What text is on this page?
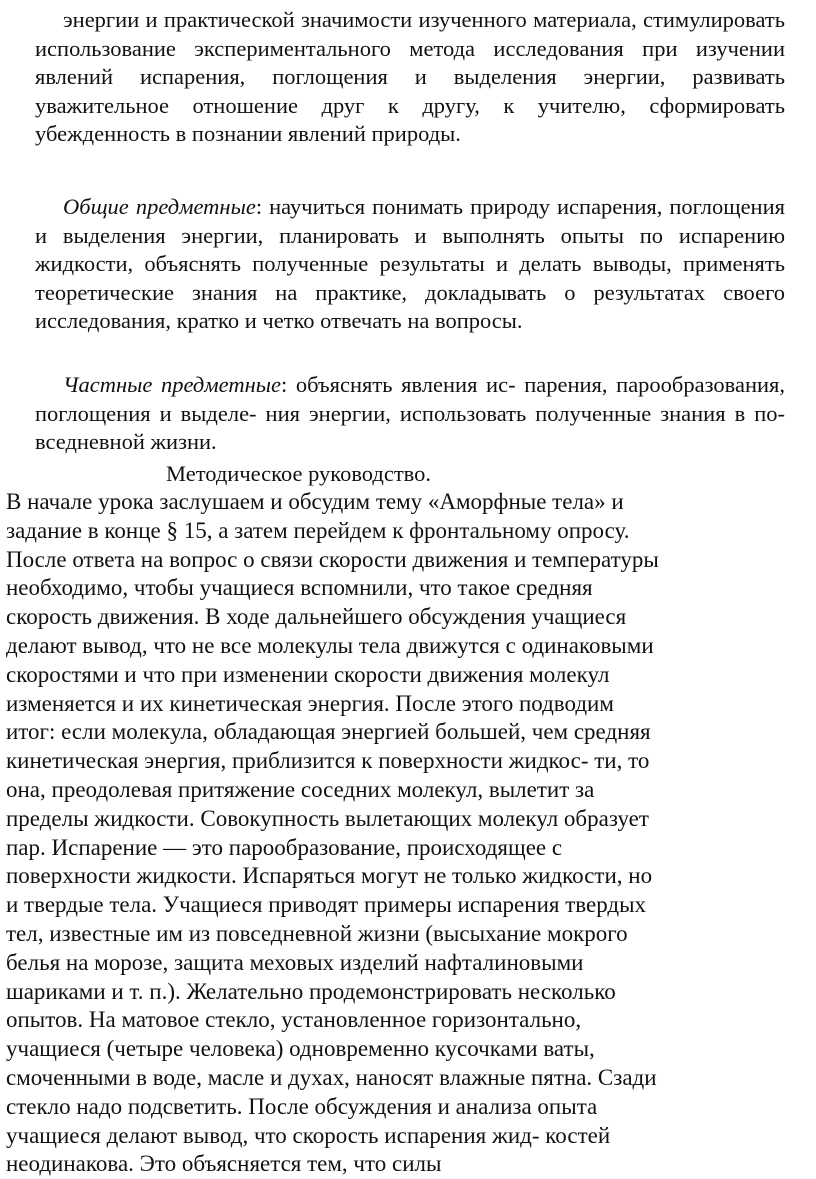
энергии и практической значимости изученного материала, стимулировать использование экспериментального метода исследования при изучении явлений испарения, поглощения и выделения энергии, развивать уважительное отношение друг к другу, к учителю, сформировать убежденность в познании явлений природы.
Общие предметные: научиться понимать природу испарения, поглощения и выделения энергии, планировать и выполнять опыты по испарению жидкости, объяснять полученные результаты и делать выводы, применять теоретические знания на практике, докладывать о результатах своего исследования, кратко и четко отвечать на вопросы.
Частные предметные: объяснять явления ис- парения, парообразования, поглощения и выделе- ния энергии, использовать полученные знания в по- вседневной жизни.
Методическое руководство.
В начале урока заслушаем и обсудим тему «Аморфные тела» и
задание в конце § 15, а затем перейдем к фронтальному опросу.
После ответа на вопрос о связи скорости движения и температуры
необходимо, чтобы учащиеся вспомнили, что такое средняя
скорость движения. В ходе дальнейшего обсуждения учащиеся
делают вывод, что не все молекулы тела движутся с одинаковыми
скоростями и что при изменении скорости движения молекул
изменяется и их кинетическая энергия. После этого подводим
итог: если молекула, обладающая энергией большей, чем средняя
кинетическая энергия, приблизится к поверхности жидкос- ти, то
она, преодолевая притяжение соседних молекул, вылетит за
пределы жидкости. Совокупность вылетающих молекул образует
пар. Испарение — это парообразование, происходящее с
поверхности жидкости. Испаряться могут не только жидкости, но
и твердые тела. Учащиеся приводят примеры испарения твердых
тел, известные им из повседневной жизни (высыхание мокрого
белья на морозе, защита меховых изделий нафталиновыми
шариками и т. п.). Желательно продемонстрировать несколько
опытов. На матовое стекло, установленное горизонтально,
учащиеся (четыре человека) одновременно кусочками ваты,
смоченными в воде, масле и духах, наносят влажные пятна. Сзади
стекло надо подсветить. После обсуждения и анализа опыта
учащиеся делают вывод, что скорость испарения жид- костей
неодинакова. Это объясняется тем, что силы
